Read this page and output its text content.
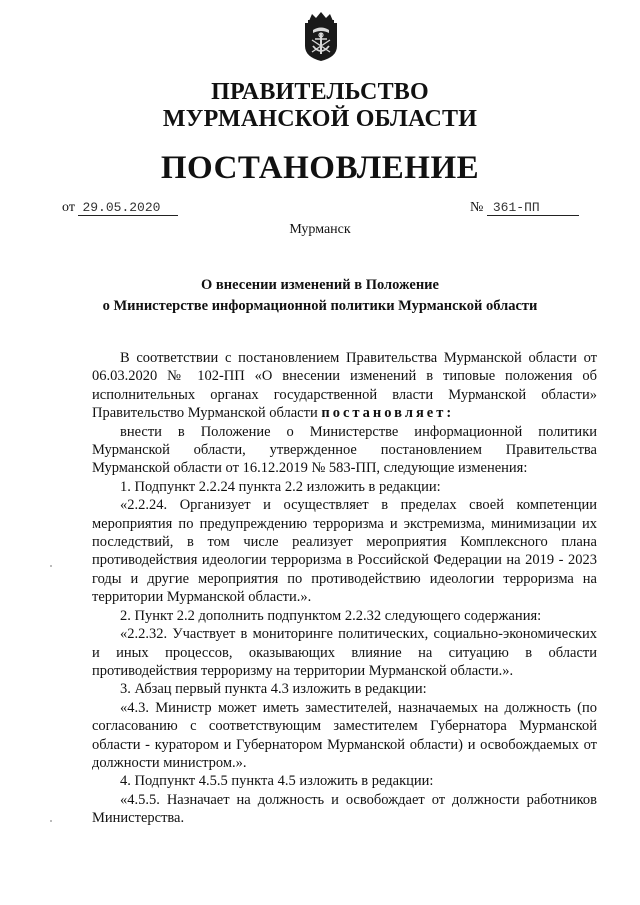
ПРАВИТЕЛЬСТВО
МУРМАНСКОЙ ОБЛАСТИ
ПОСТАНОВЛЕНИЕ
от 29.05.2020	№ 361-ПП
Мурманск
О внесении изменений в Положение
о Министерстве информационной политики Мурманской области

В соответствии с постановлением Правительства Мурманской области от 06.03.2020 № 102-ПП «О внесении изменений в типовые положения об исполнительных органах государственной власти Мурманской области» Правительство Мурманской области постановляет:

внести в Положение о Министерстве информационной политики Мурманской области, утвержденное постановлением Правительства Мурманской области от 16.12.2019 № 583-ПП, следующие изменения:

1. Подпункт 2.2.24 пункта 2.2 изложить в редакции:

«2.2.24. Организует и осуществляет в пределах своей компетенции мероприятия по предупреждению терроризма и экстремизма, минимизации их последствий, в том числе реализует мероприятия Комплексного плана противодействия идеологии терроризма в Российской Федерации на 2019 - 2023 годы и другие мероприятия по противодействию идеологии терроризма на территории Мурманской области.».

2. Пункт 2.2 дополнить подпунктом 2.2.32 следующего содержания:

«2.2.32. Участвует в мониторинге политических, социально-экономических и иных процессов, оказывающих влияние на ситуацию в области противодействия терроризму на территории Мурманской области.».

3. Абзац первый пункта 4.3 изложить в редакции:

«4.3. Министр может иметь заместителей, назначаемых на должность (по согласованию с соответствующим заместителем Губернатора Мурманской области - куратором и Губернатором Мурманской области) и освобождаемых от должности министром.».

4. Подпункт 4.5.5 пункта 4.5 изложить в редакции:

«4.5.5. Назначает на должность и освобождает от должности работников Министерства.
